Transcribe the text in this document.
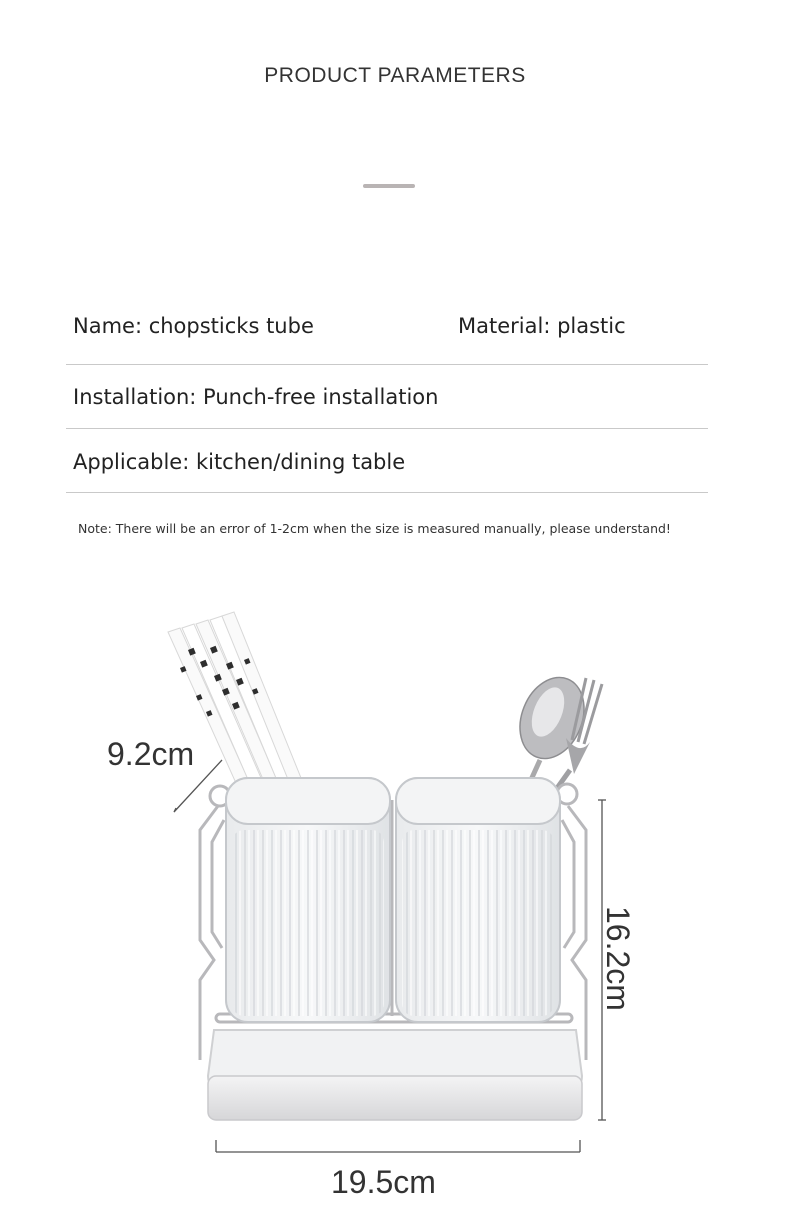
PRODUCT PARAMETERS
Name: chopsticks tube	Material: plastic
Installation: Punch-free installation
Applicable: kitchen/dining table
Note: There will be an error of 1-2cm when the size is measured manually, please understand!
9.2cm
16.2cm
19.5cm
